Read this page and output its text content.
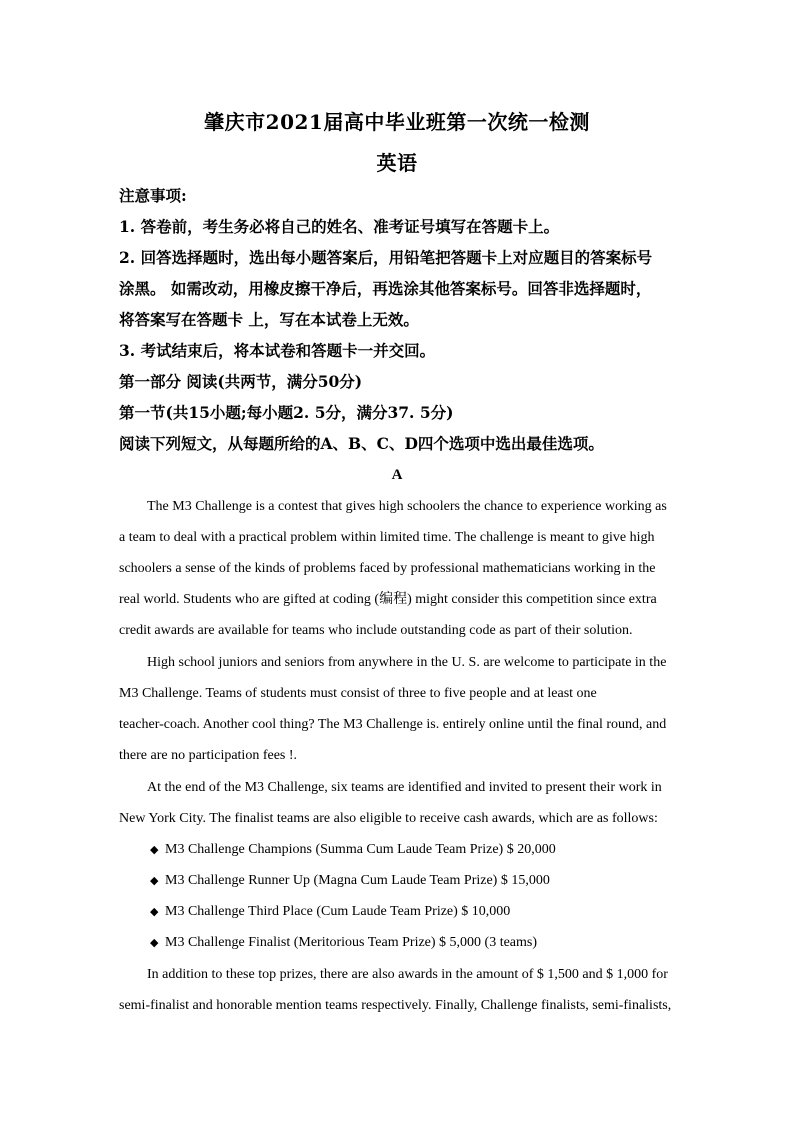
肇庆市2021届高中毕业班第一次统一检测
英语
注意事项:
1. 答卷前，考生务必将自己的姓名、准考证号填写在答题卡上。
2. 回答选择题时，选出每小题答案后，用铅笔把答题卡上对应题目的答案标号
涂黑。 如需改动，用橡皮擦干净后，再选涂其他答案标号。回答非选择题时，
将答案写在答题卡 上，写在本试卷上无效。
3. 考试结束后，将本试卷和答题卡一并交回。
第一部分 阅读(共两节，满分50分)
第一节(共15小题;每小题2. 5分，满分37. 5分)
阅读下列短文，从每题所给的A、B、C、D四个选项中选出最佳选项。
A
The M3 Challenge is a contest that gives high schoolers the chance to experience working as
a team to deal with a practical problem within limited time. The challenge is meant to give high
schoolers a sense of the kinds of problems faced by professional mathematicians working in the
real world. Students who are gifted at coding (编程) might consider this competition since extra
credit awards are available for teams who include outstanding code as part of their solution.
High school juniors and seniors from anywhere in the U. S. are welcome to participate in the
M3 Challenge. Teams of students must consist of three to five people and at least one
teacher-coach. Another cool thing? The M3 Challenge is. entirely online until the final round, and
there are no participation fees !.
At the end of the M3 Challenge, six teams are identified and invited to present their work in
New York City. The finalist teams are also eligible to receive cash awards, which are as follows:
◆ M3 Challenge Champions (Summa Cum Laude Team Prize) $ 20,000
◆ M3 Challenge Runner Up (Magna Cum Laude Team Prize) $ 15,000
◆ M3 Challenge Third Place (Cum Laude Team Prize) $ 10,000
◆ M3 Challenge Finalist (Meritorious Team Prize) $ 5,000 (3 teams)
In addition to these top prizes, there are also awards in the amount of $ 1,500 and $ 1,000 for
semi-finalist and honorable mention teams respectively. Finally, Challenge finalists, semi-finalists,
